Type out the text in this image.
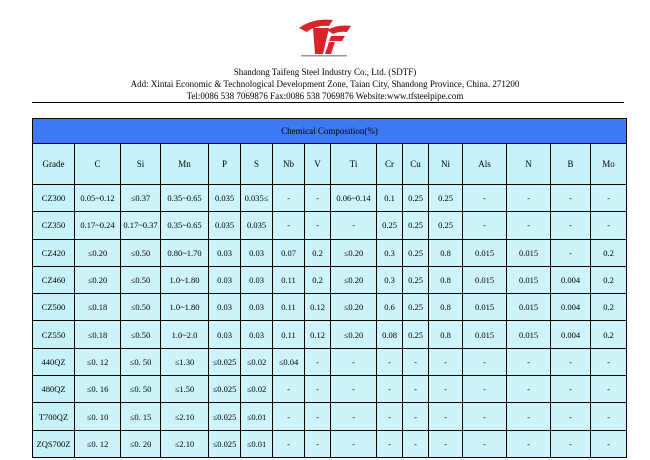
Shandong Taifeng Steel Industry Co., Ltd. (SDTF)
Add: Xintai Economic & Technological Development Zone, Taian City, Shandong Province, China. 271200
Tel:0086 538 7069876 Fax:0086 538 7069876 Website:www.tfsteelpipe.com
Chemical Composition(%)															
Grade	C	Si	Mn	P	S	Nb	V	Ti	Cr	Cu	Ni	Als	N	B	Mo
CZ300	0.05~0.12	≤0.37	0.35~0.65	0.035	0.035≤	-	-	0.06~0.14	0.1	0.25	0.25	-	-	-	-
CZ350	0.17~0.24	0.17~0.37	0.35~0.65	0.035	0.035	-	-	-	0.25	0.25	0.25	-	-	-	-
CZ420	≤0.20	≤0.50	0.80~1.70	0.03	0.03	0.07	0.2	≤0.20	0.3	0.25	0.8	0.015	0.015	-	0.2
CZ460	≤0.20	≤0.50	1.0~1.80	0.03	0.03	0.11	0.2	≤0.20	0.3	0.25	0.8	0.015	0.015	0.004	0.2
CZ500	≤0.18	≤0.50	1.0~1.80	0.03	0.03	0.11	0.12	≤0.20	0.6	0.25	0.8	0.015	0.015	0.004	0.2
CZ550	≤0.18	≤0.50	1.0~2.0	0.03	0.03	0.11	0.12	≤0.20	0.08	0.25	0.8	0.015	0.015	0.004	0.2
440QZ	≤0. 12	≤0. 50	≤1.30	≤0.025	≤0.02	≤0.04	-	-	-	-	-	-	-	-	-
480QZ	≤0. 16	≤0. 50	≤1.50	≤0.025	≤0.02	-	-	-	-	-	-	-	-	-	-
T700QZ	≤0. 10	≤0. 15	≤2.10	≤0.025	≤0.01	-	-	-	-	-	-	-	-	-	-
ZQS700Z	≤0. 12	≤0. 20	≤2.10	≤0.025	≤0.01	-	-	-	-	-	-	-	-	-	-
